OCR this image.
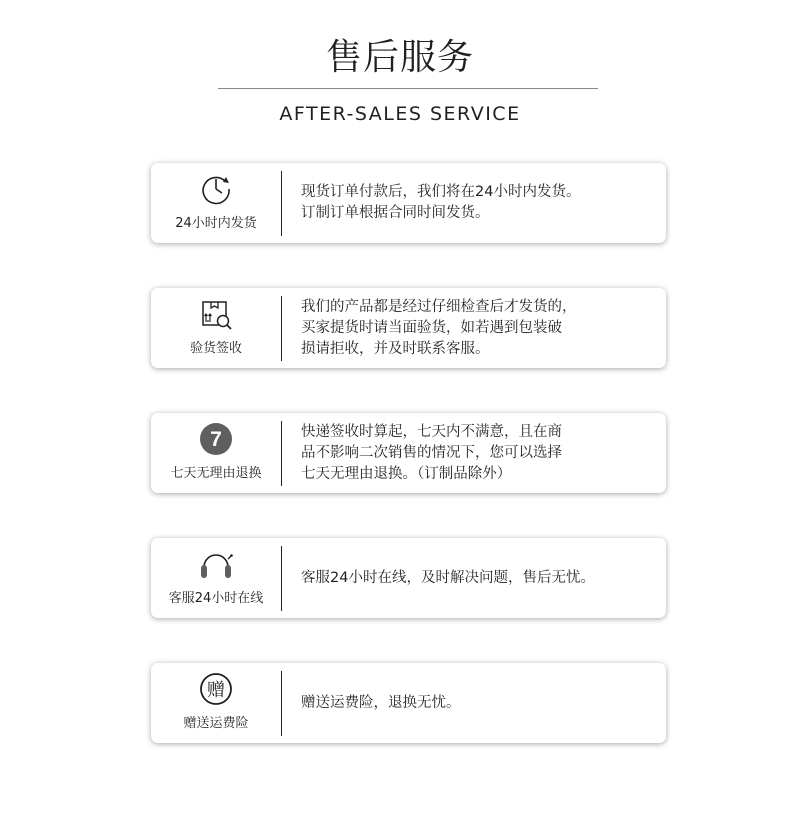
售后服务
AFTER-SALES SERVICE
24小时内发货
现货订单付款后，我们将在24小时内发货。
订制订单根据合同时间发货。
验货签收
我们的产品都是经过仔细检查后才发货的，
买家提货时请当面验货，如若遇到包装破
损请拒收，并及时联系客服。
7
七天无理由退换
快递签收时算起，七天内不满意，且在商
品不影响二次销售的情况下，您可以选择
七天无理由退换。（订制品除外）
客服24小时在线
客服24小时在线，及时解决问题，售后无忧。
赠
赠送运费险
赠送运费险，退换无忧。
